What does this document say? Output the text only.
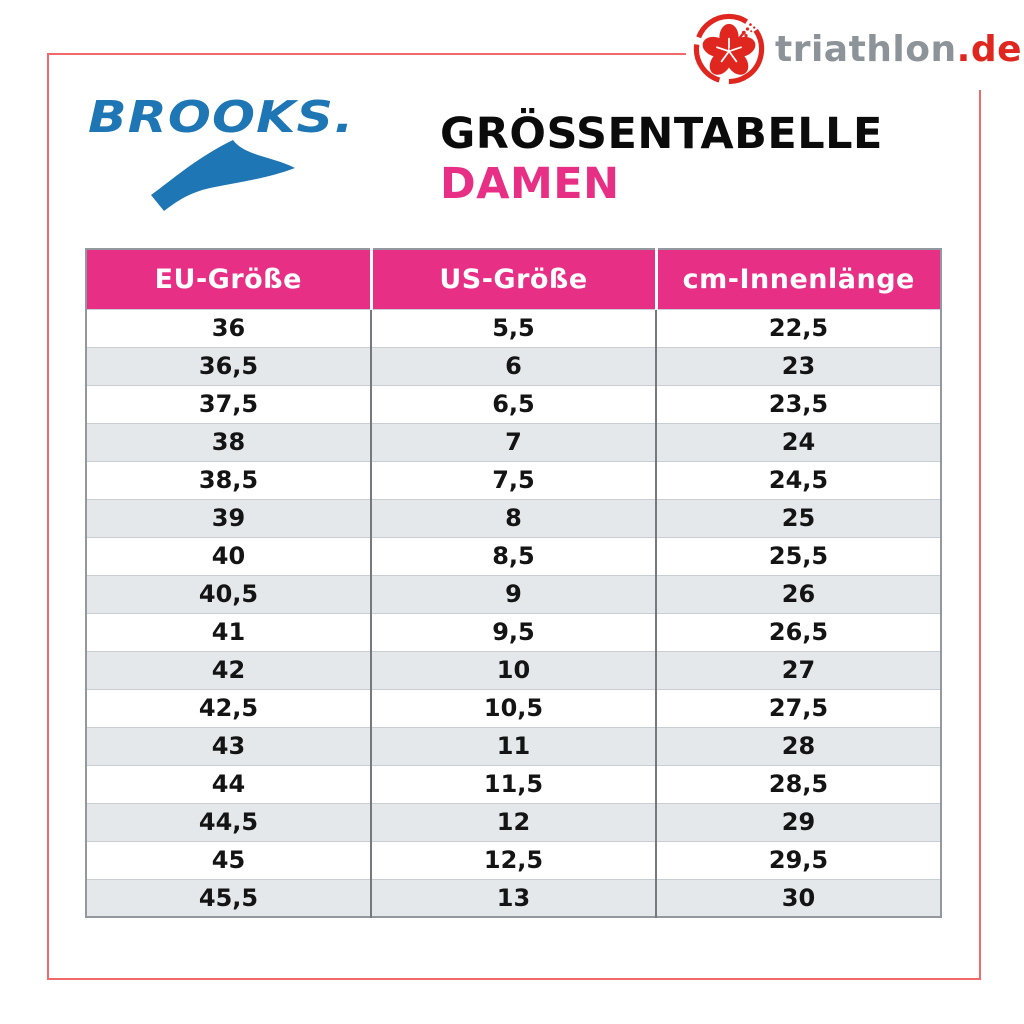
triathlon.de
BROOKS. GRÖSSENTABELLE
DAMEN
EU-Größe	US-Größe	cm-Innenlänge
36	5,5	22,5
36,5	6	23
37,5	6,5	23,5
38	7	24
38,5	7,5	24,5
39	8	25
40	8,5	25,5
40,5	9	26
41	9,5	26,5
42	10	27
42,5	10,5	27,5
43	11	28
44	11,5	28,5
44,5	12	29
45	12,5	29,5
45,5	13	30
